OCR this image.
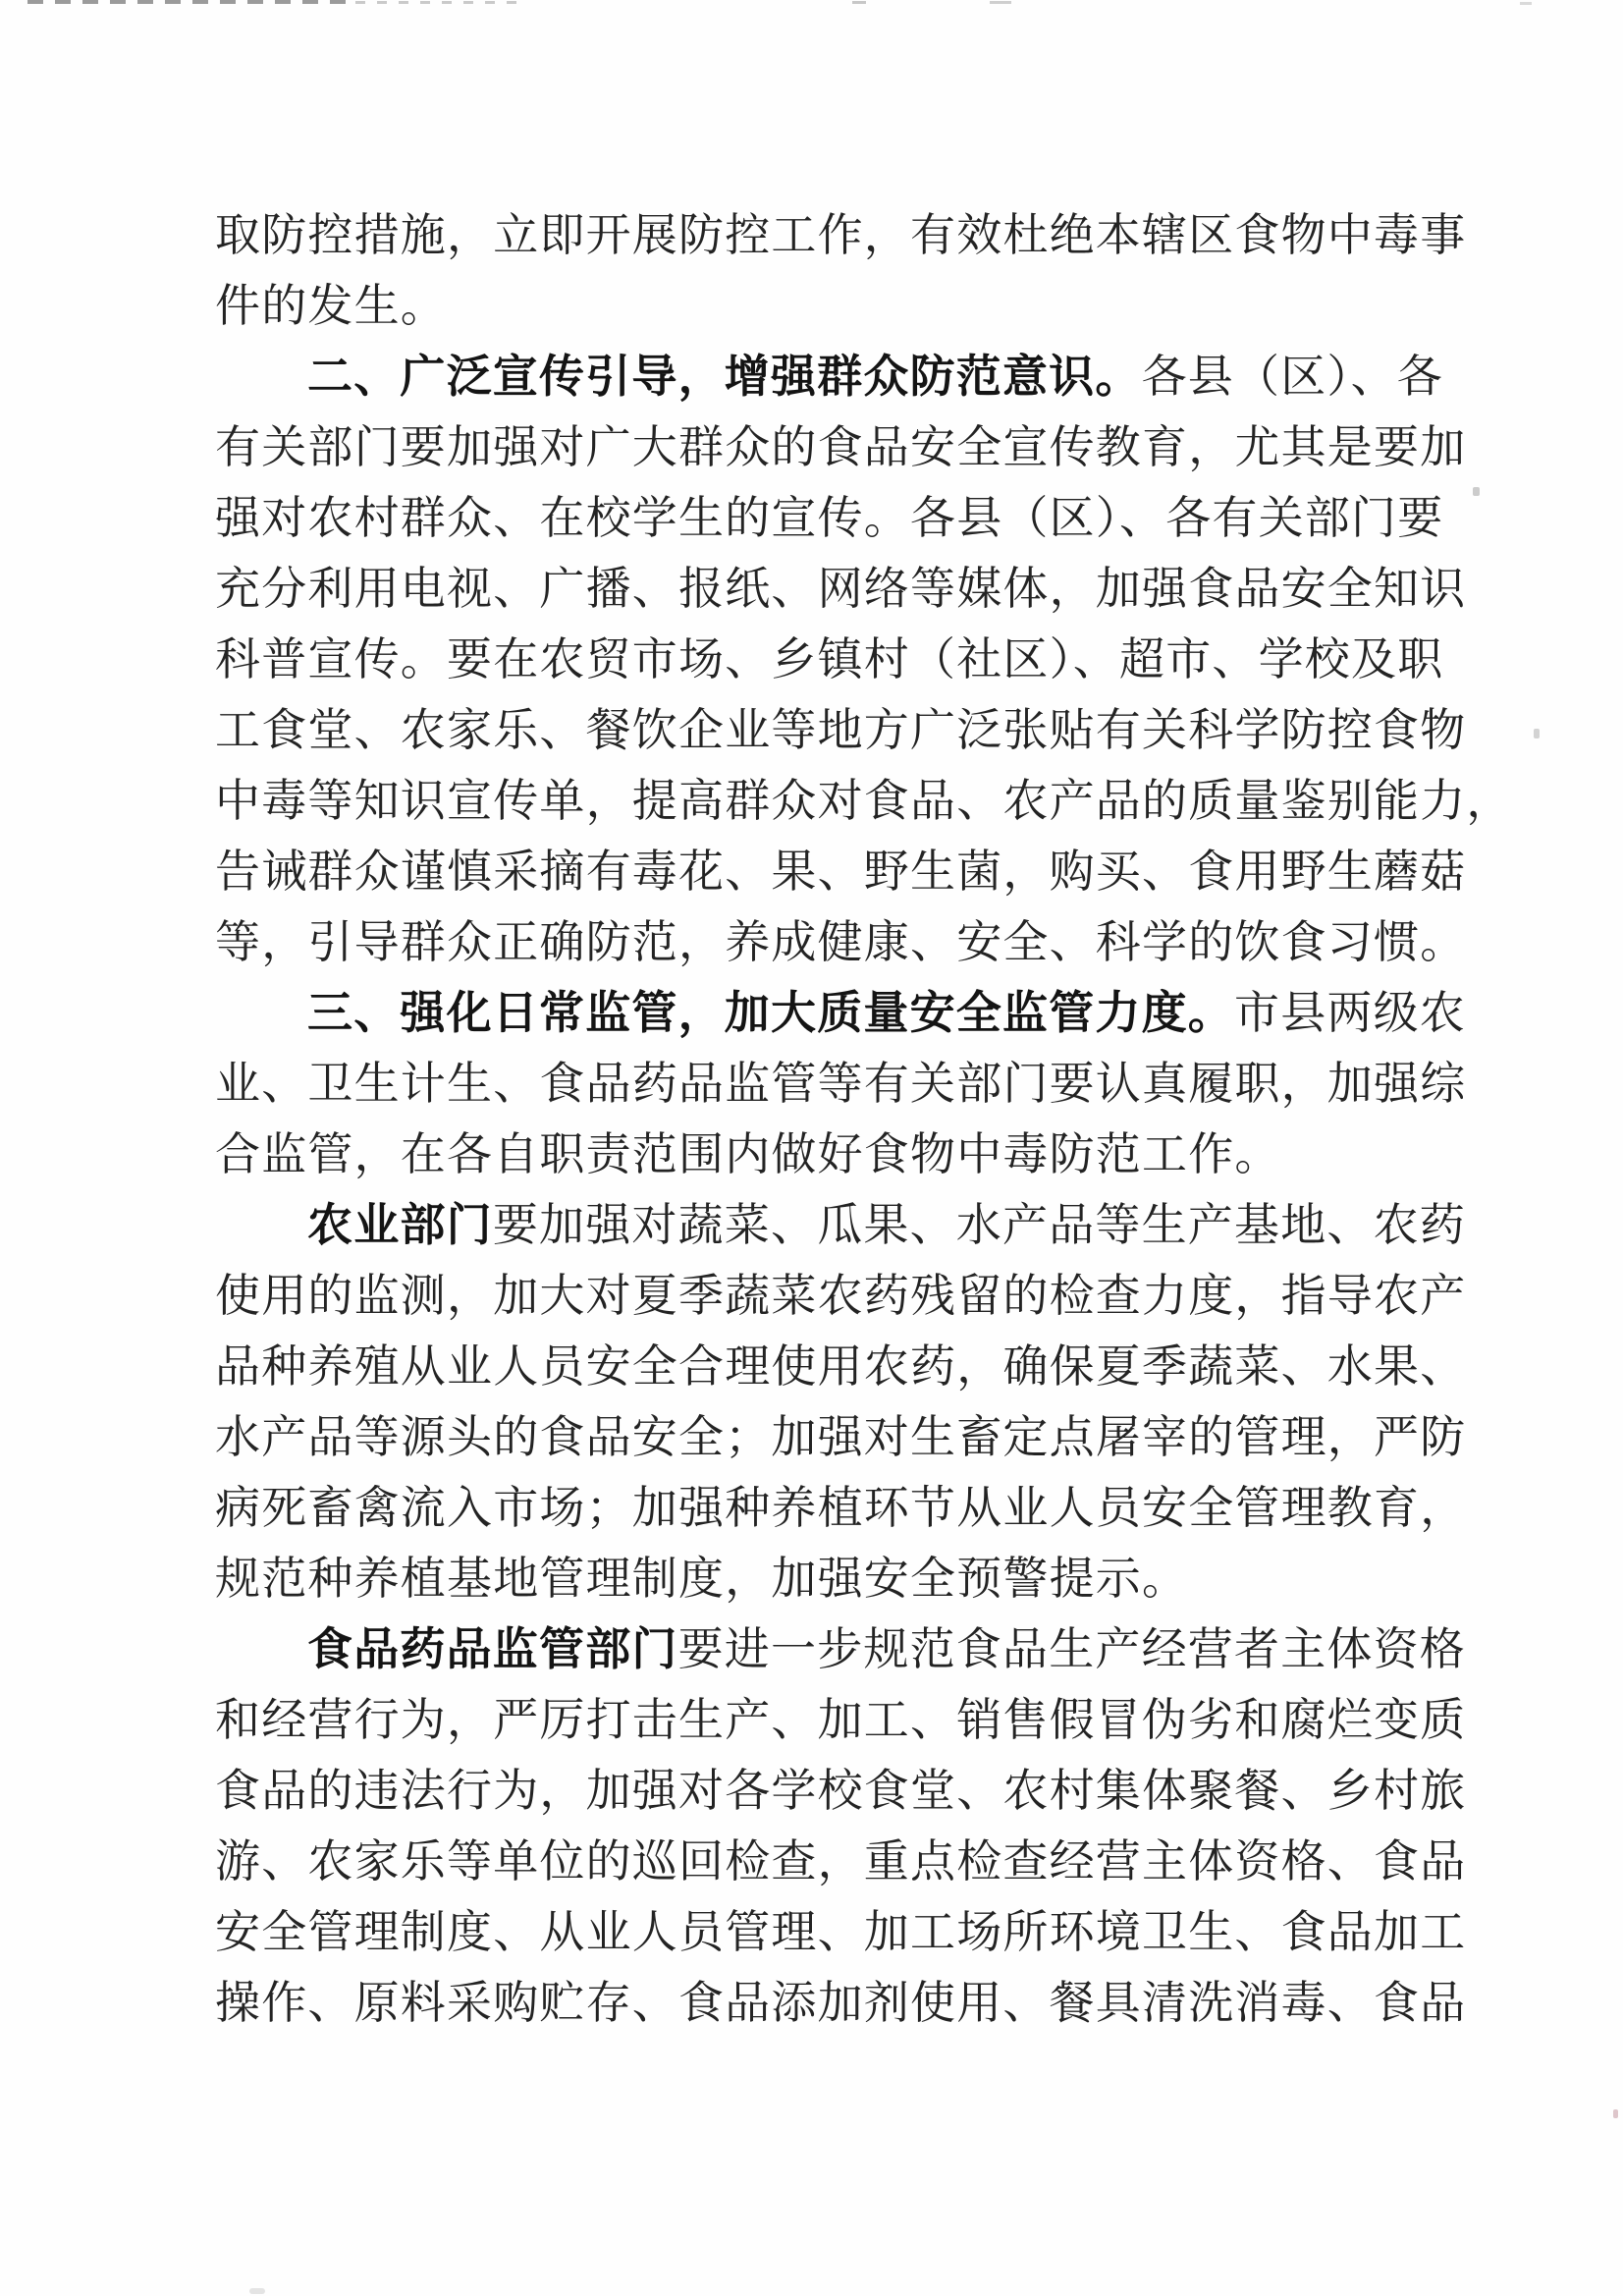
取防控措施，立即开展防控工作，有效杜绝本辖区食物中毒事
件的发生。
二、广泛宣传引导，增强群众防范意识。各县（区）、各
有关部门要加强对广大群众的食品安全宣传教育，尤其是要加
强对农村群众、在校学生的宣传。各县（区）、各有关部门要
充分利用电视、广播、报纸、网络等媒体，加强食品安全知识
科普宣传。要在农贸市场、乡镇村（社区）、超市、学校及职
工食堂、农家乐、餐饮企业等地方广泛张贴有关科学防控食物
中毒等知识宣传单，提高群众对食品、农产品的质量鉴别能力，
告诫群众谨慎采摘有毒花、果、野生菌，购买、食用野生蘑菇
等，引导群众正确防范，养成健康、安全、科学的饮食习惯。
三、强化日常监管，加大质量安全监管力度。市县两级农
业、卫生计生、食品药品监管等有关部门要认真履职，加强综
合监管，在各自职责范围内做好食物中毒防范工作。
农业部门要加强对蔬菜、瓜果、水产品等生产基地、农药
使用的监测，加大对夏季蔬菜农药残留的检查力度，指导农产
品种养殖从业人员安全合理使用农药，确保夏季蔬菜、水果、
水产品等源头的食品安全；加强对生畜定点屠宰的管理，严防
病死畜禽流入市场；加强种养植环节从业人员安全管理教育，
规范种养植基地管理制度，加强安全预警提示。
食品药品监管部门要进一步规范食品生产经营者主体资格
和经营行为，严厉打击生产、加工、销售假冒伪劣和腐烂变质
食品的违法行为，加强对各学校食堂、农村集体聚餐、乡村旅
游、农家乐等单位的巡回检查，重点检查经营主体资格、食品
安全管理制度、从业人员管理、加工场所环境卫生、食品加工
操作、原料采购贮存、食品添加剂使用、餐具清洗消毒、食品
